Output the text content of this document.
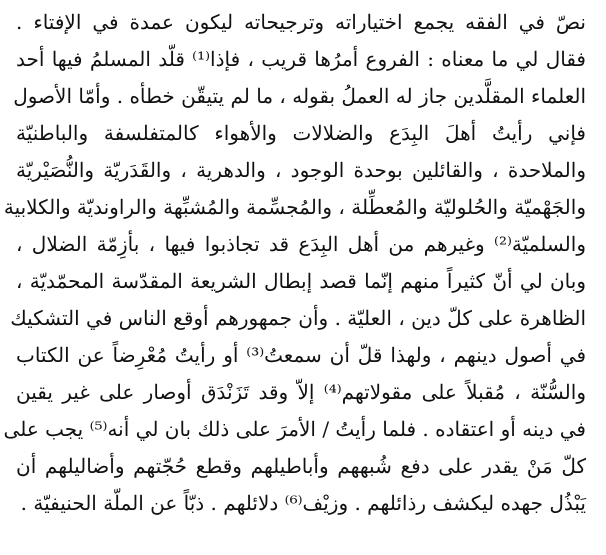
نصّ في الفقه يجمع اختياراته وترجيحاته ليكون عمدة في الإفتاء .
فقال لي ما معناه : الفروع أمرُها قريب ، فإذا⁽¹⁾ قلّد المسلمُ فيها أحد
العلماء المقلَّدين جاز له العملُ بقوله ، ما لم يتيقّن خطأه . وأمّا الأصول
فإني رأيتُ أهلَ البِدَع والضلالات والأهواء كالمتفلسفة والباطنيّة
والملاحدة ، والقائلين بوحدة الوجود ، والدهرية ، والقَدَريّة والنُّصَيْريّة
والجَهْميّة والحُلوليّة والمُعطِّلة ، والمُجسِّمة والمُشبِّهة والراونديّة والكلابية
والسلميّة⁽²⁾ وغيرهم من أهل البِدَع قد تجاذبوا فيها ، بأزِمّة الضلال ،
وبان لي أنّ كثيراً منهم إنّما قصد إبطال الشريعة المقدّسة المحمّديّة ،
الظاهرة على كلّ دين ، العليّة . وأن جمهورهم أوقع الناس في التشكيك
في أصول دينهم ، ولهذا قلّ أن سمعتُ⁽³⁾ أو رأيتُ مُعْرِضاً عن الكتاب
والسُّنّة ، مُقبلاً على مقولاتهم⁽⁴⁾ إلاّ وقد تَزَنْدَق أوصار على غير يقين
في دينه أو اعتقاده . فلما رأيتُ / الأمرَ على ذلك بان لي أنه⁽⁵⁾ يجب على
كلّ مَنْ يقدر على دفع شُبههم وأباطيلهم وقطع حُجّتهم وأضاليلهم أن
يَبْذُل جهده ليكشف رذائلهم . وزيْف⁽⁶⁾ دلائلهم . ذبّاً عن الملّة الحنيفيّة .
